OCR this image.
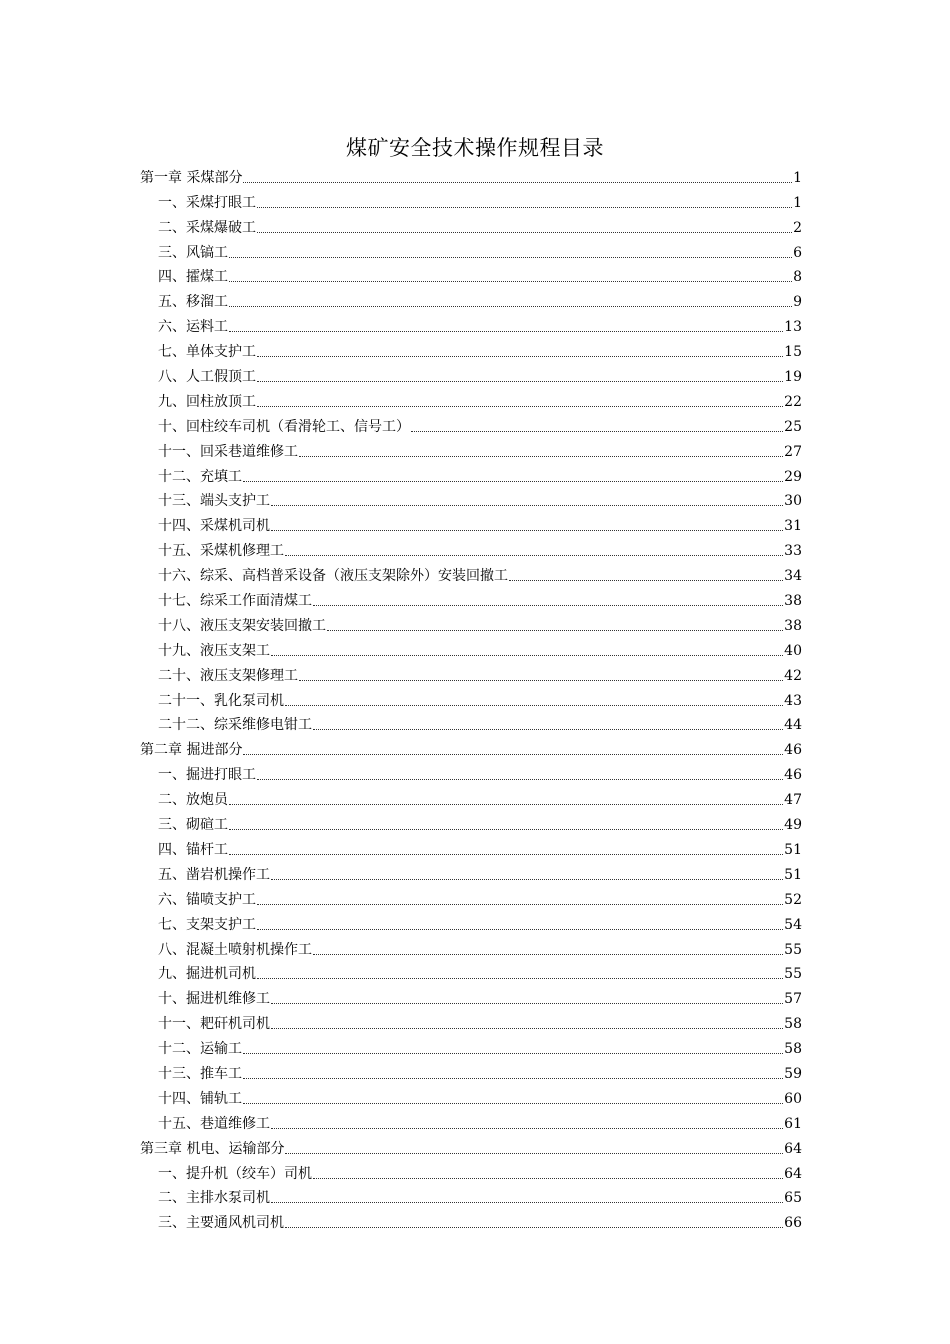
煤矿安全技术操作规程目录
第一章 采煤部分	1
一、采煤打眼工	1
二、采煤爆破工	2
三、风镐工	6
四、攉煤工	8
五、移溜工	9
六、运料工	13
七、单体支护工	15
八、人工假顶工	19
九、回柱放顶工	22
十、回柱绞车司机（看滑轮工、信号工）	25
十一、回采巷道维修工	27
十二、充填工	29
十三、端头支护工	30
十四、采煤机司机	31
十五、采煤机修理工	33
十六、综采、高档普采设备（液压支架除外）安装回撤工	34
十七、综采工作面清煤工	38
十八、液压支架安装回撤工	38
十九、液压支架工	40
二十、液压支架修理工	42
二十一、乳化泵司机	43
二十二、综采维修电钳工	44
第二章 掘进部分	46
一、掘进打眼工	46
二、放炮员	47
三、砌碹工	49
四、锚杆工	51
五、凿岩机操作工	51
六、锚喷支护工	52
七、支架支护工	54
八、混凝土喷射机操作工	55
九、掘进机司机	55
十、掘进机维修工	57
十一、耙矸机司机	58
十二、运输工	58
十三、推车工	59
十四、铺轨工	60
十五、巷道维修工	61
第三章 机电、运输部分	64
一、提升机（绞车）司机	64
二、主排水泵司机	65
三、主要通风机司机	66
